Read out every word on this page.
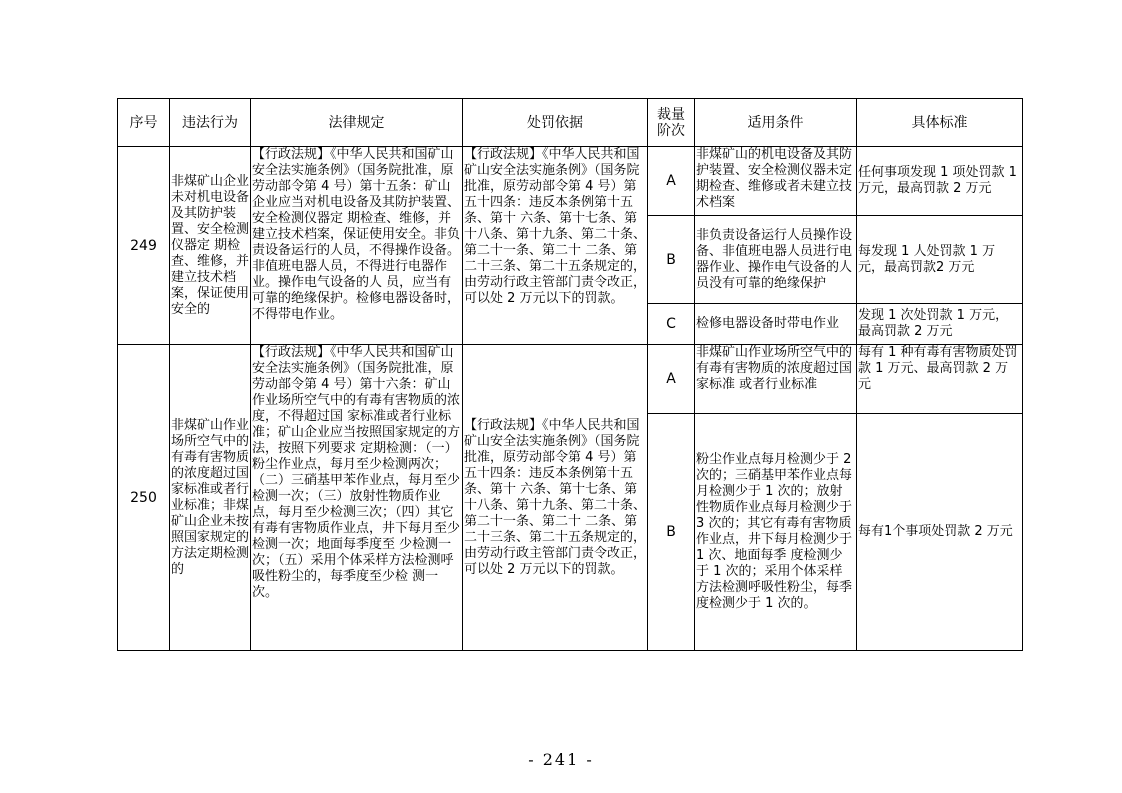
序号	违法行为	法律规定	处罚依据	裁量阶次	适用条件	具体标准
249	非煤矿山企业未对机电设备及其防护装置、安全检测仪器定 期检查、维修，并建立技术档案，保证使用安全的	【行政法规】《中华人民共和国矿山安全法实施条例》（国务院批准，原劳动部令第 4 号）第十五条：矿山企业应当对机电设备及其防护装置、安全检测仪器定 期检查、维修，并建立技术档案，保证使用安全。非负责设备运行的人员，不得操作设备。非值班电器人员，不得进行电器作业。操作电气设备的人 员，应当有可靠的绝缘保护。检修电器设备时，不得带电作业。	【行政法规】《中华人民共和国矿山安全法实施条例》（国务院批准，原劳动部令第 4 号）第五十四条：违反本条例第十五条、第十 六条、第十七条、第十八条、第十九条、第二十条、第二十一条、第二十 二条、第二十三条、第二十五条规定的，由劳动行政主管部门责令改正， 可以处 2 万元以下的罚款。	A	非煤矿山的机电设备及其防护装置、安全检测仪器未定期检查、维修或者未建立技术档案	任何事项发现 1 项处罚款 1 万元，最高罚款 2 万元
				B	非负责设备运行人员操作设备、非值班电器人员进行电器作业、操作电气设备的人员没有可靠的绝缘保护	每发现 1 人处罚款 1 万元，最高罚款2 万元
				C	检修电器设备时带电作业	发现 1 次处罚款 1 万元，最高罚款 2 万元
250	非煤矿山作业场所空气中的有毒有害物质的浓度超过国家标准或者行业标准；非煤矿山企业未按照国家规定的方法定期检测的	【行政法规】《中华人民共和国矿山安全法实施条例》（国务院批准，原劳动部令第 4 号）第十六条：矿山作业场所空气中的有毒有害物质的浓度，不得超过国 家标准或者行业标准；矿山企业应当按照国家规定的方法，按照下列要求 定期检测：（一）粉尘作业点，每月至少检测两次；（二）三硝基甲苯作业点，每月至少检测一次；（三）放射性物质作业点，每月至少检测三次；（四）其它有毒有害物质作业点，井下每月至少检测一次；地面每季度至 少检测一次；（五）采用个体采样方法检测呼吸性粉尘的，每季度至少检 测一次。	【行政法规】《中华人民共和国矿山安全法实施条例》（国务院批准，原劳动部令第 4 号）第五十四条：违反本条例第十五条、第十 六条、第十七条、第十八条、第十九条、第二十条、第二十一条、第二十 二条、第二十三条、第二十五条规定的，由劳动行政主管部门责令改正， 可以处 2 万元以下的罚款。	A	非煤矿山作业场所空气中的有毒有害物质的浓度超过国家标准 或者行业标准	每有 1 种有毒有害物质处罚款 1 万元、最高罚款 2 万元
				B	粉尘作业点每月检测少于 2 次的；三硝基甲苯作业点每月检测少于 1 次的；放射性物质作业点每月检测少于 3 次的；其它有毒有害物质作业点，井下每月检测少于 1 次、地面每季 度检测少于 1 次的；采用个体采样方法检测呼吸性粉尘，每季度检测少于 1 次的。	每有1个事项处罚款 2 万元
- 241 -
